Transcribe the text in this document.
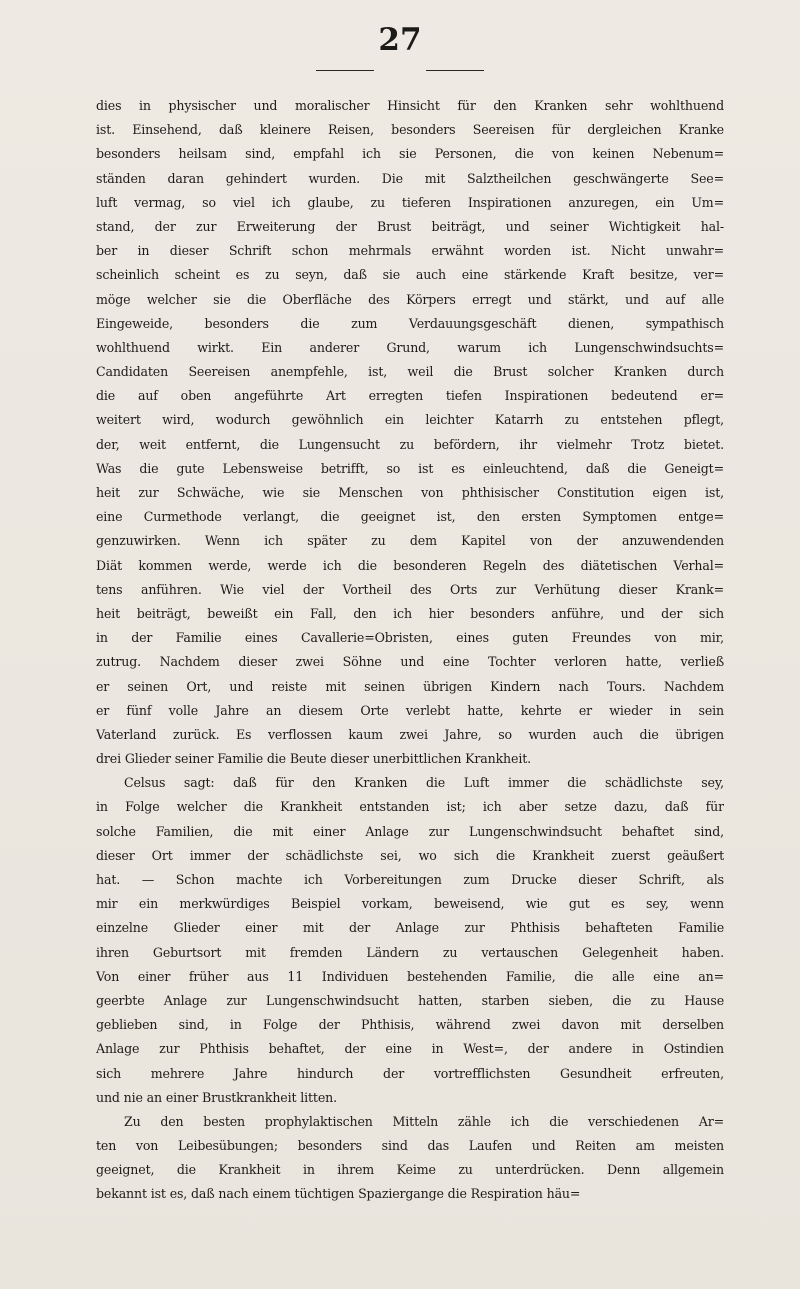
27
dies in physischer und moralischer Hinsicht für den Kranken sehr wohlthuend
ist. Einsehend, daß kleinere Reisen, besonders Seereisen für dergleichen Kranke
besonders heilsam sind, empfahl ich sie Personen, die von keinen Nebenum=
ständen daran gehindert wurden. Die mit Salztheilchen geschwängerte See=
luft vermag, so viel ich glaube, zu tieferen Inspirationen anzuregen, ein Um=
stand, der zur Erweiterung der Brust beiträgt, und seiner Wichtigkeit hal-
ber in dieser Schrift schon mehrmals erwähnt worden ist. Nicht unwahr=
scheinlich scheint es zu seyn, daß sie auch eine stärkende Kraft besitze, ver=
möge welcher sie die Oberfläche des Körpers erregt und stärkt, und auf alle
Eingeweide, besonders die zum Verdauungsgeschäft dienen, sympathisch
wohlthuend wirkt. Ein anderer Grund, warum ich Lungenschwindsuchts=
Candidaten Seereisen anempfehle, ist, weil die Brust solcher Kranken durch
die auf oben angeführte Art erregten tiefen Inspirationen bedeutend er=
weitert wird, wodurch gewöhnlich ein leichter Katarrh zu entstehen pflegt,
der, weit entfernt, die Lungensucht zu befördern, ihr vielmehr Trotz bietet.
Was die gute Lebensweise betrifft, so ist es einleuchtend, daß die Geneigt=
heit zur Schwäche, wie sie Menschen von phthisischer Constitution eigen ist,
eine Curmethode verlangt, die geeignet ist, den ersten Symptomen entge=
genzuwirken. Wenn ich später zu dem Kapitel von der anzuwendenden
Diät kommen werde, werde ich die besonderen Regeln des diätetischen Verhal=
tens anführen. Wie viel der Vortheil des Orts zur Verhütung dieser Krank=
heit beiträgt, beweißt ein Fall, den ich hier besonders anführe, und der sich
in der Familie eines Cavallerie=Obristen, eines guten Freundes von mir,
zutrug. Nachdem dieser zwei Söhne und eine Tochter verloren hatte, verließ
er seinen Ort, und reiste mit seinen übrigen Kindern nach Tours. Nachdem
er fünf volle Jahre an diesem Orte verlebt hatte, kehrte er wieder in sein
Vaterland zurück. Es verflossen kaum zwei Jahre, so wurden auch die übrigen
drei Glieder seiner Familie die Beute dieser unerbittlichen Krankheit.
Celsus sagt: daß für den Kranken die Luft immer die schädlichste sey,
in Folge welcher die Krankheit entstanden ist; ich aber setze dazu, daß für
solche Familien, die mit einer Anlage zur Lungenschwindsucht behaftet sind,
dieser Ort immer der schädlichste sei, wo sich die Krankheit zuerst geäußert
hat. — Schon machte ich Vorbereitungen zum Drucke dieser Schrift, als
mir ein merkwürdiges Beispiel vorkam, beweisend, wie gut es sey, wenn
einzelne Glieder einer mit der Anlage zur Phthisis behafteten Familie
ihren Geburtsort mit fremden Ländern zu vertauschen Gelegenheit haben.
Von einer früher aus 11 Individuen bestehenden Familie, die alle eine an=
geerbte Anlage zur Lungenschwindsucht hatten, starben sieben, die zu Hause
geblieben sind, in Folge der Phthisis, während zwei davon mit derselben
Anlage zur Phthisis behaftet, der eine in West=, der andere in Ostindien
sich mehrere Jahre hindurch der vortrefflichsten Gesundheit erfreuten,
und nie an einer Brustkrankheit litten.
Zu den besten prophylaktischen Mitteln zähle ich die verschiedenen Ar=
ten von Leibesübungen; besonders sind das Laufen und Reiten am meisten
geeignet, die Krankheit in ihrem Keime zu unterdrücken. Denn allgemein
bekannt ist es, daß nach einem tüchtigen Spaziergange die Respiration häu=
